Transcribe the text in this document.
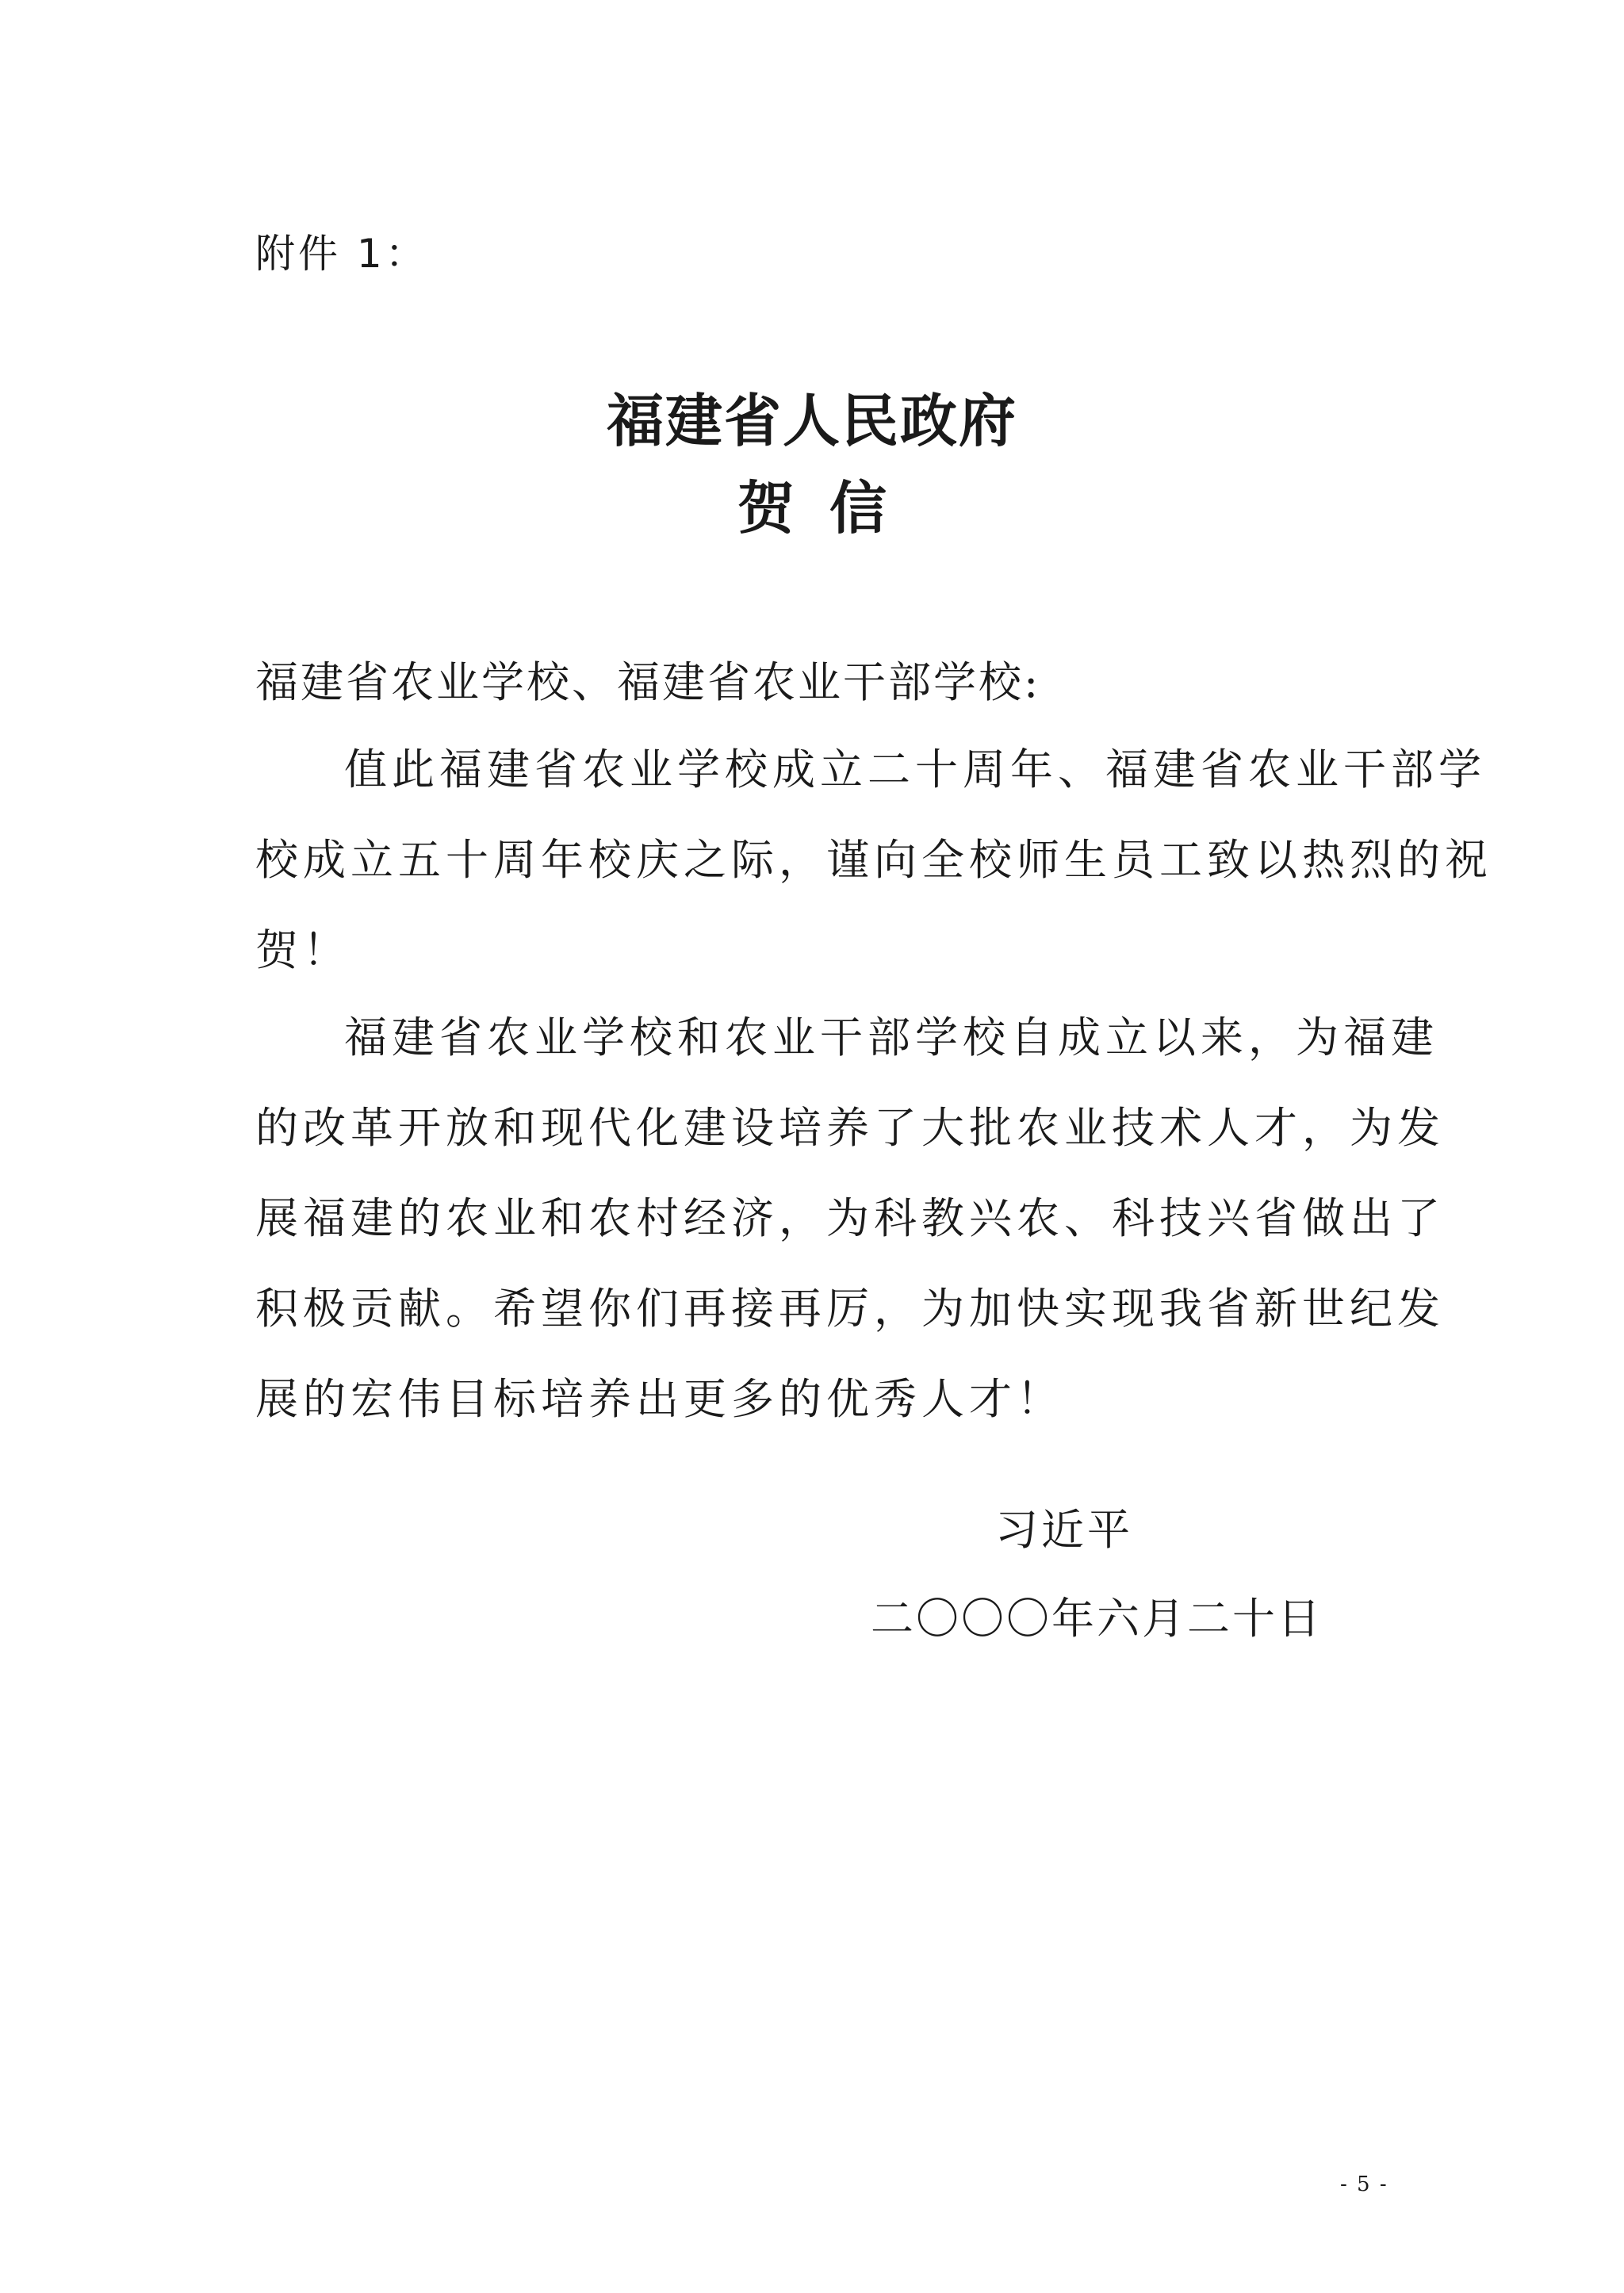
附件 1：
福建省人民政府
贺信
福建省农业学校、福建省农业干部学校:
值此福建省农业学校成立二十周年、福建省农业干部学
校成立五十周年校庆之际，谨向全校师生员工致以热烈的祝
贺！
福建省农业学校和农业干部学校自成立以来，为福建
的改革开放和现代化建设培养了大批农业技术人才，为发
展福建的农业和农村经济，为科教兴农、科技兴省做出了
积极贡献。希望你们再接再厉，为加快实现我省新世纪发
展的宏伟目标培养出更多的优秀人才！
习近平
二〇〇〇年六月二十日
- 5 -
